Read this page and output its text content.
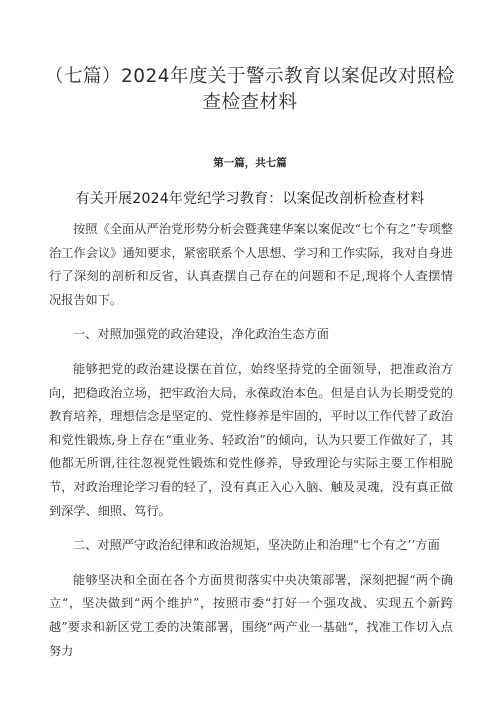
（七篇）2024年度关于警示教育以案促改对照检查检查材料
第一篇，共七篇
有关开展2024年党纪学习教育：以案促改剖析检查材料

按照《全面从严治党形势分析会暨龚建华案以案促改“七个有之”专项整治工作会议》通知要求，紧密联系个人思想、学习和工作实际，我对自身进行了深刻的剖析和反省，认真查摆自己存在的问题和不足,现将个人查摆情况报告如下。

一、对照加强党的政治建设，净化政治生态方面

能够把党的政治建设摆在首位，始终坚持党的全面领导，把准政治方向，把稳政治立场，把牢政治大局，永葆政治本色。但是自认为长期受党的教育培养，理想信念是坚定的、党性修养是牢固的，平时以工作代替了政治和党性锻炼,身上存在“重业务、轻政治”的倾向，认为只要工作做好了，其他都无所谓,往往忽视党性锻炼和党性修养，导致理论与实际主要工作相脱节，对政治理论学习看的轻了，没有真正入心入脑、触及灵魂，没有真正做到深学、细照、笃行。

二、对照严守政治纪律和政治规矩，坚决防止和治理"七个有之’’方面

能够坚决和全面在各个方面贯彻落实中央决策部署，深刻把握“两个确立“，坚决做到“两个维护”，按照市委“打好一个强攻战、实现五个新跨越”要求和新区党工委的决策部署，围绕“两产业一基础“，找准工作切入点努力
